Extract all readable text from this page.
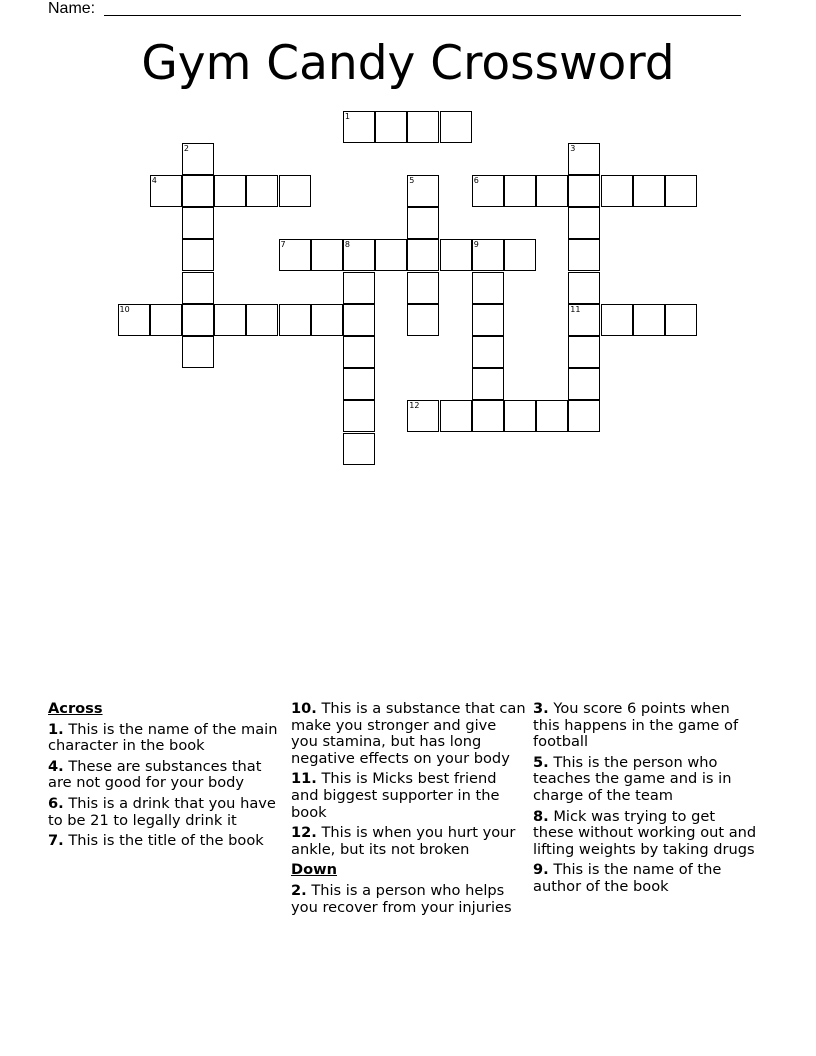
Name:
Gym Candy Crossword
1
2	3
4	5	6
7	8	9
10	11
12
Across
1. This is the name of the main character in the book
4. These are substances that are not good for your body
6. This is a drink that you have to be 21 to legally drink it
7. This is the title of the book
10. This is a substance that can make you stronger and give you stamina, but has long negative effects on your body
11. This is Micks best friend and biggest supporter in the book
12. This is when you hurt your ankle, but its not broken
Down
2. This is a person who helps you recover from your injuries
3. You score 6 points when this happens in the game of football
5. This is the person who teaches the game and is in charge of the team
8. Mick was trying to get these without working out and lifting weights by taking drugs
9. This is the name of the author of the book
